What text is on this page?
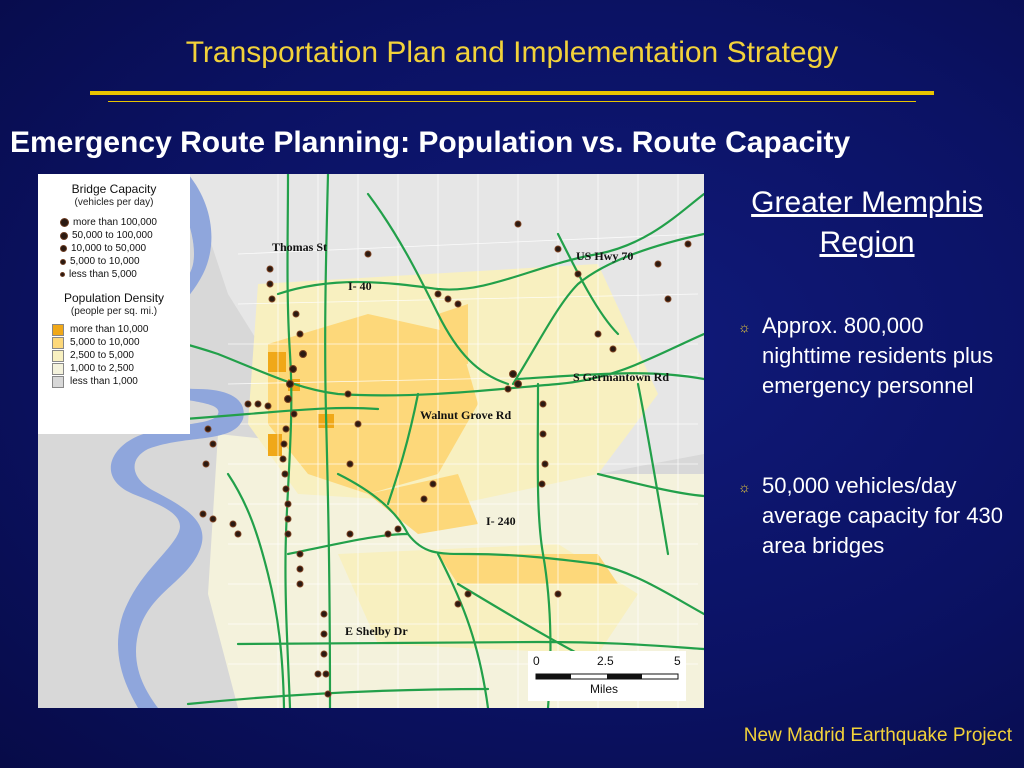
Transportation Plan and Implementation Strategy
Emergency Route Planning: Population vs. Route Capacity
Bridge Capacity
(vehicles per day)
more than 100,000
50,000 to 100,000
10,000 to 50,000
5,000 to 10,000
less than 5,000
Population Density
(people per sq. mi.)
more than 10,000
5,000 to 10,000
2,500 to 5,000
1,000 to 2,500
less than 1,000
Thomas St
I- 40
US Hwy 70
S Germantown Rd
Walnut Grove Rd
I- 240
E Shelby Dr
0	2.5	5
Miles
Greater Memphis Region
☼ Approx. 800,000 nighttime residents plus emergency personnel
☼ 50,000 vehicles/day average capacity for 430 area bridges
New Madrid Earthquake Project
